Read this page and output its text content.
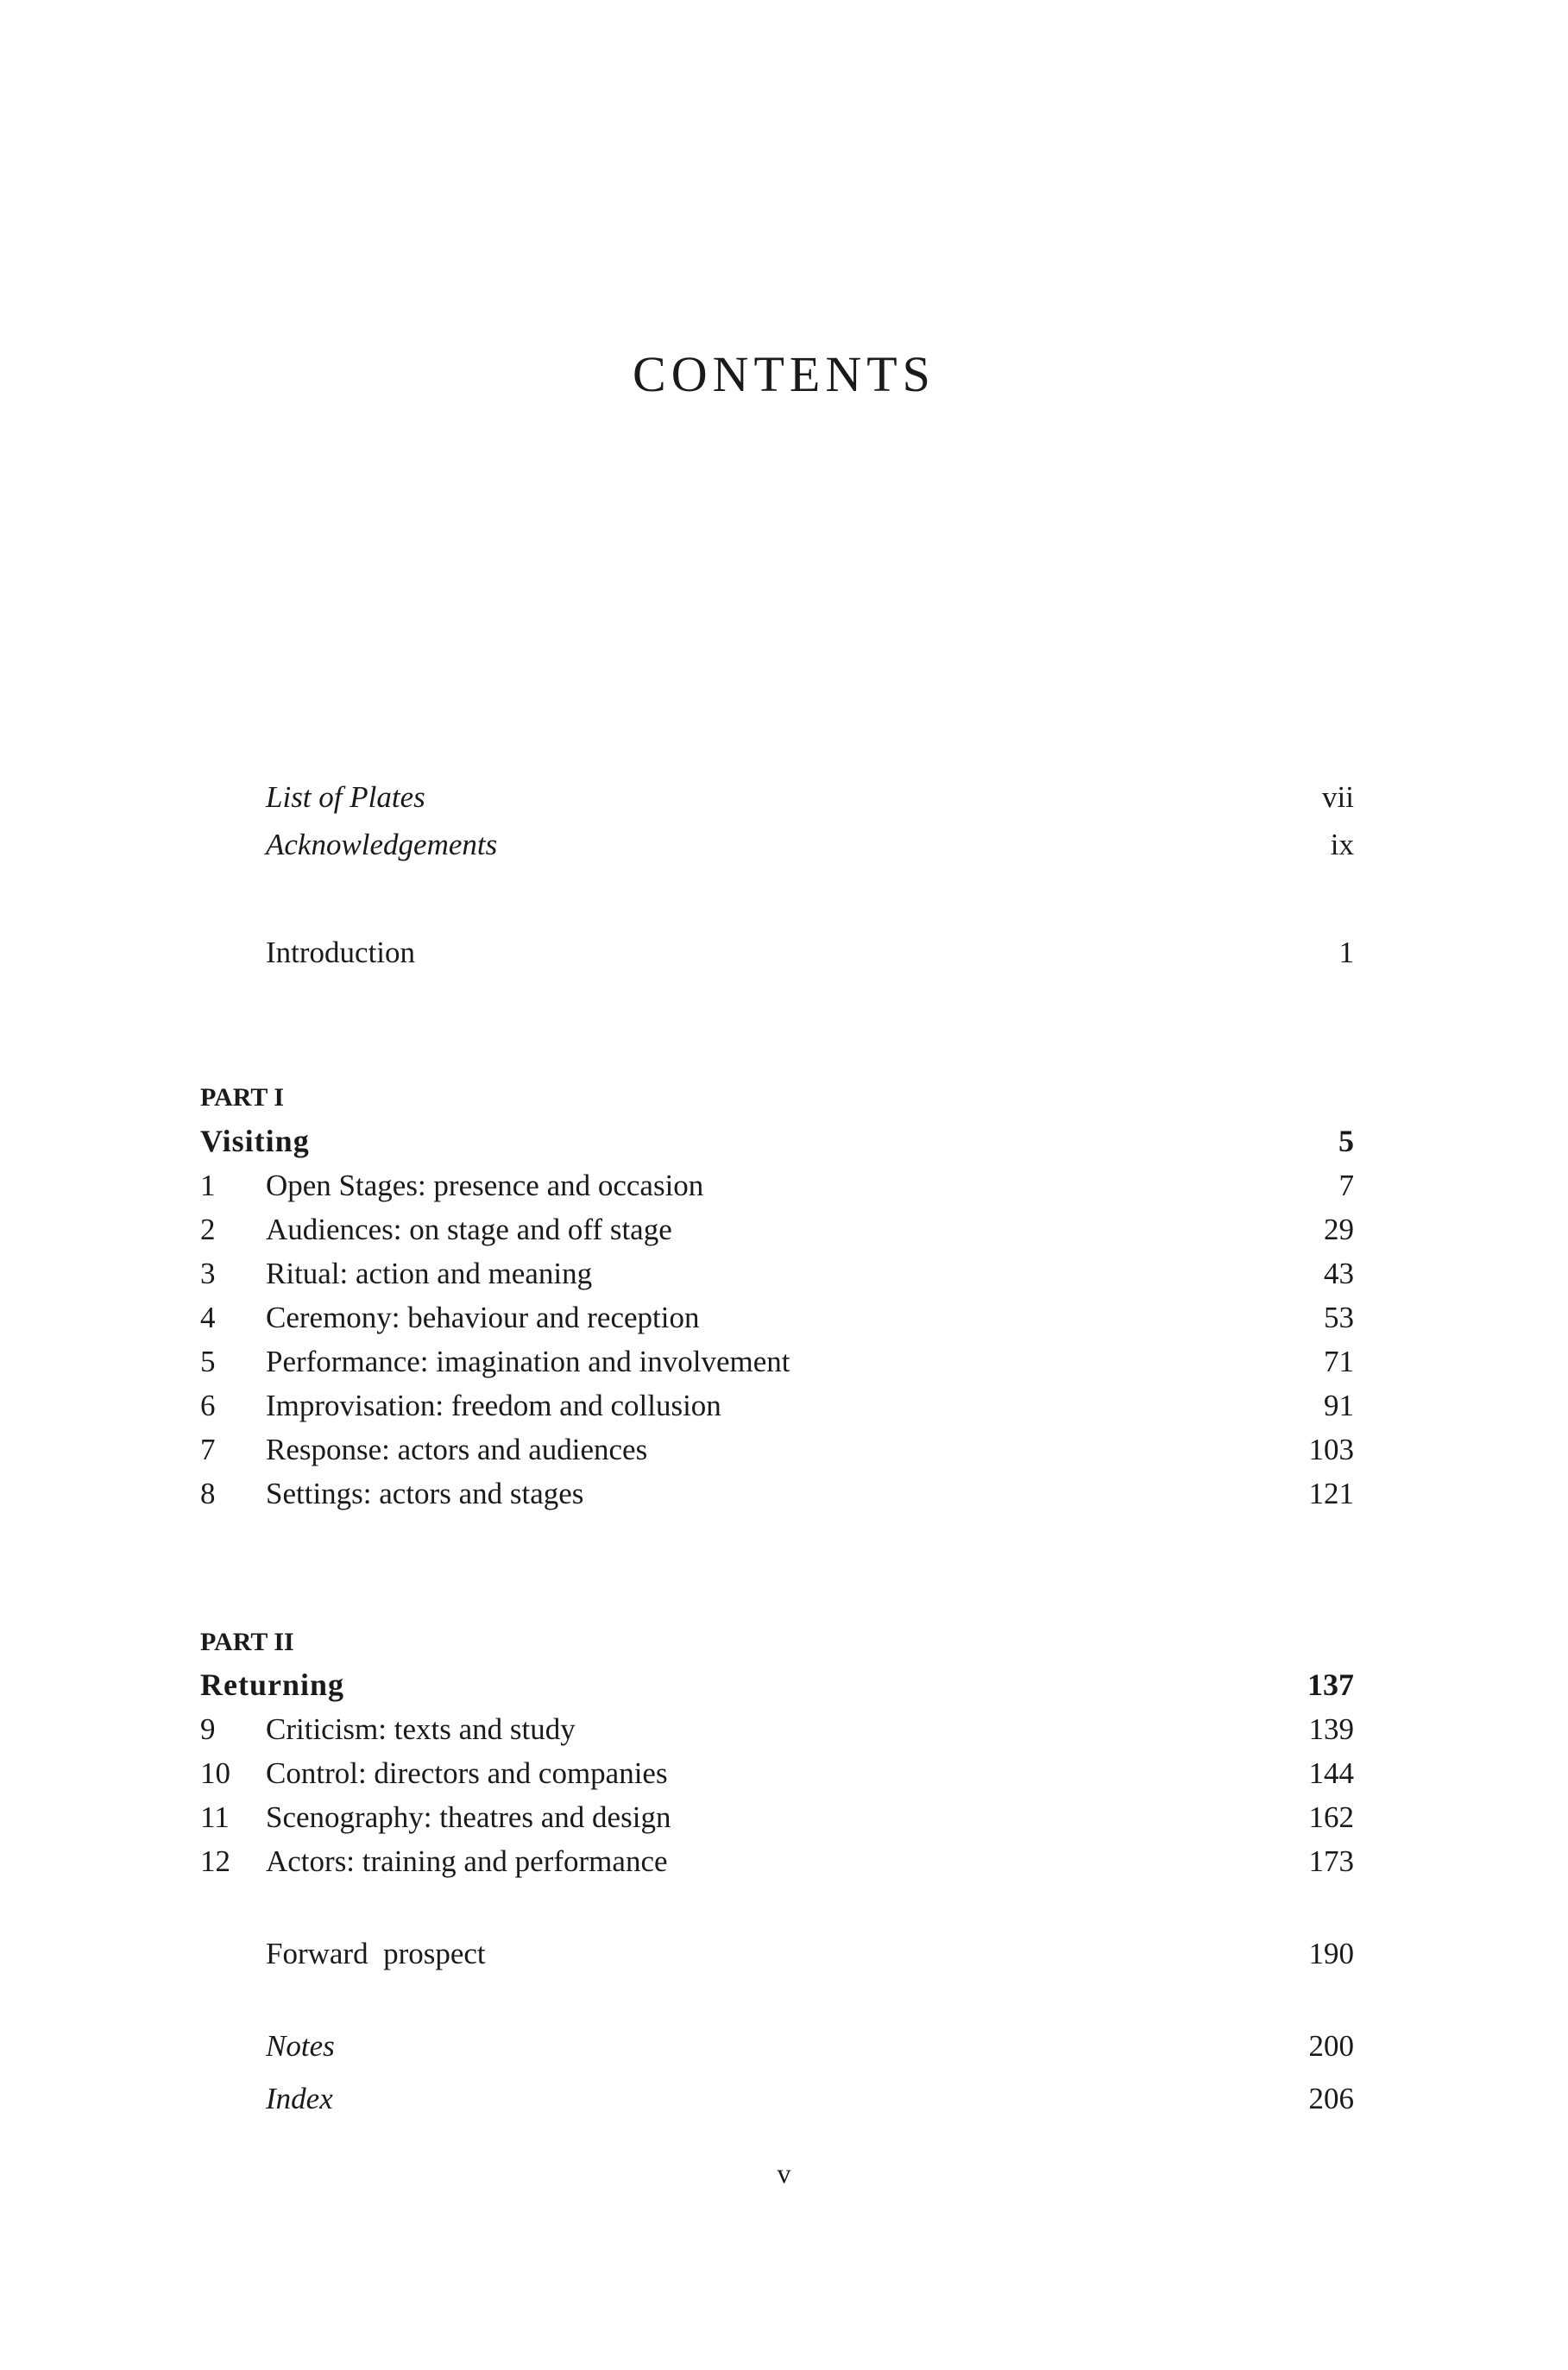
CONTENTS
List of Plates	vii
Acknowledgements	ix
Introduction	1
PART I
Visiting	5
1 Open Stages: presence and occasion	7
2 Audiences: on stage and off stage	29
3 Ritual: action and meaning	43
4 Ceremony: behaviour and reception	53
5 Performance: imagination and involvement	71
6 Improvisation: freedom and collusion	91
7 Response: actors and audiences	103
8 Settings: actors and stages	121
PART II
Returning	137
9 Criticism: texts and study	139
10 Control: directors and companies	144
11 Scenography: theatres and design	162
12 Actors: training and performance	173
Forward  prospect	190
Notes	200
Index	206
v
